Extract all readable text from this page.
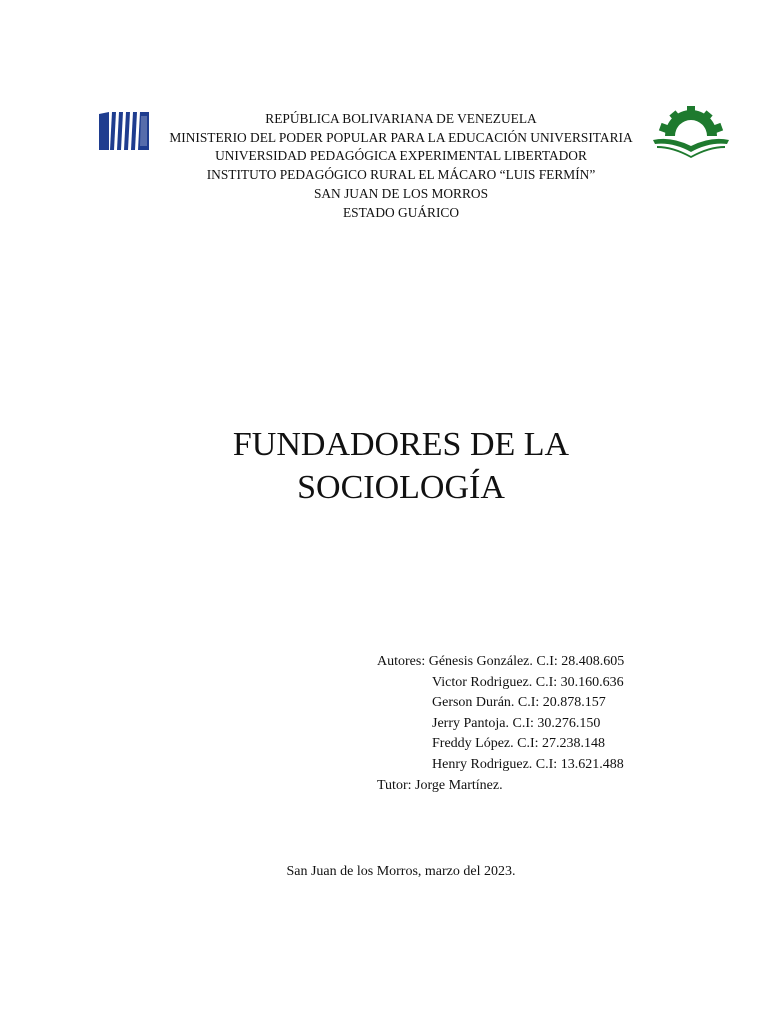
REPÚBLICA BOLIVARIANA DE VENEZUELA
MINISTERIO DEL PODER POPULAR PARA LA EDUCACIÓN UNIVERSITARIA
UNIVERSIDAD PEDAGÓGICA EXPERIMENTAL LIBERTADOR
INSTITUTO PEDAGÓGICO RURAL EL MÁCARO “LUIS FERMÍN”
SAN JUAN DE LOS MORROS
ESTADO GUÁRICO
FUNDADORES DE LA
SOCIOLOGÍA
Autores: Génesis González. C.I: 28.408.605
Victor Rodriguez. C.I: 30.160.636
Gerson Durán. C.I: 20.878.157
Jerry Pantoja. C.I: 30.276.150
Freddy López. C.I: 27.238.148
Henry Rodriguez. C.I: 13.621.488
Tutor: Jorge Martínez.
San Juan de los Morros, marzo del 2023.
